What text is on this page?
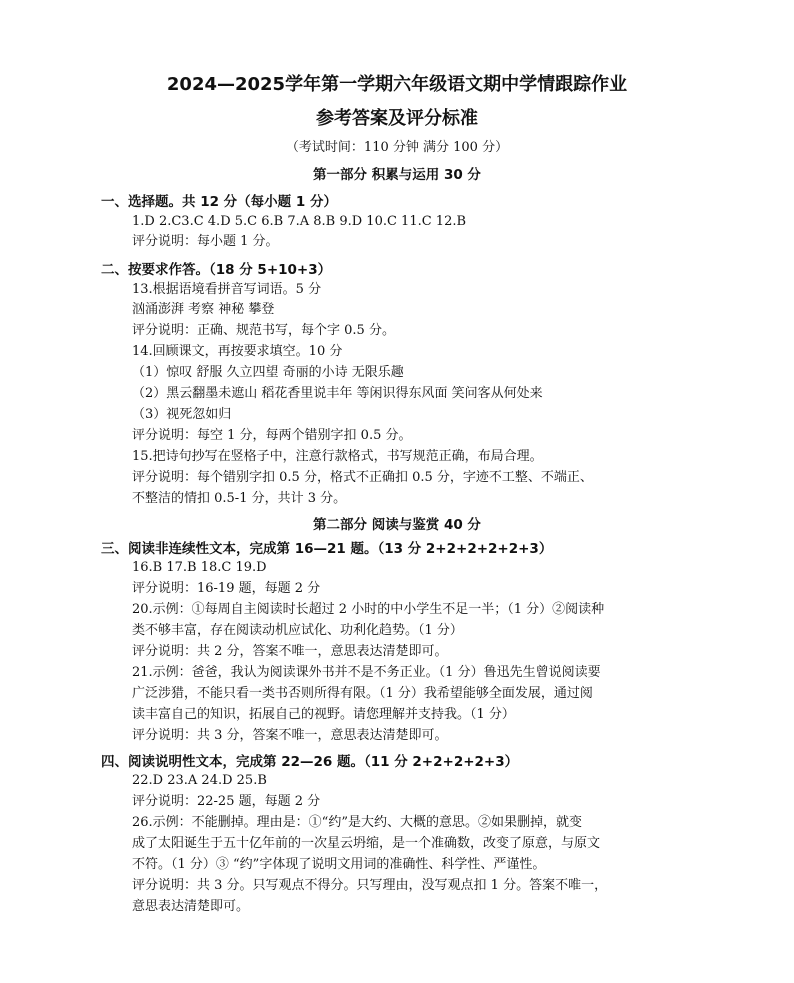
2024—2025学年第一学期六年级语文期中学情跟踪作业
参考答案及评分标准
（考试时间：110 分钟 满分 100 分）
第一部分 积累与运用 30 分
一、选择题。共 12 分（每小题 1 分）
1.D 2.C3.C 4.D 5.C 6.B 7.A 8.B 9.D 10.C 11.C 12.B
评分说明：每小题 1 分。
二、按要求作答。（18 分 5+10+3）
13.根据语境看拼音写词语。5 分
汹涌澎湃 考察 神秘 攀登
评分说明：正确、规范书写，每个字 0.5 分。
14.回顾课文，再按要求填空。10 分
（1）惊叹 舒服 久立四望 奇丽的小诗 无限乐趣
（2）黑云翻墨未遮山 稻花香里说丰年 等闲识得东风面 笑问客从何处来
（3）视死忽如归
评分说明：每空 1 分，每两个错别字扣 0.5 分。
15.把诗句抄写在竖格子中，注意行款格式，书写规范正确，布局合理。
评分说明：每个错别字扣 0.5 分，格式不正确扣 0.5 分，字迹不工整、不端正、
不整洁的情扣 0.5-1 分，共计 3 分。
第二部分 阅读与鉴赏 40 分
三、阅读非连续性文本，完成第 16—21 题。（13 分 2+2+2+2+2+3）
16.B 17.B 18.C 19.D
评分说明：16-19 题，每题 2 分
20.示例：①每周自主阅读时长超过 2 小时的中小学生不足一半；（1 分）②阅读种
类不够丰富，存在阅读动机应试化、功利化趋势。（1 分）
评分说明：共 2 分，答案不唯一，意思表达清楚即可。
21.示例：爸爸，我认为阅读课外书并不是不务正业。（1 分）鲁迅先生曾说阅读要
广泛涉猎，不能只看一类书否则所得有限。（1 分）我希望能够全面发展，通过阅
读丰富自己的知识，拓展自己的视野。请您理解并支持我。（1 分）
评分说明：共 3 分，答案不唯一，意思表达清楚即可。
四、阅读说明性文本，完成第 22—26 题。（11 分 2+2+2+2+3）
22.D 23.A 24.D 25.B
评分说明：22-25 题，每题 2 分
26.示例：不能删掉。理由是：①“约”是大约、大概的意思。②如果删掉，就变
成了太阳诞生于五十亿年前的一次星云坍缩，是一个准确数，改变了原意，与原文
不符。（1 分）③ “约”字体现了说明文用词的准确性、科学性、严谨性。
评分说明：共 3 分。只写观点不得分。只写理由，没写观点扣 1 分。答案不唯一，
意思表达清楚即可。
